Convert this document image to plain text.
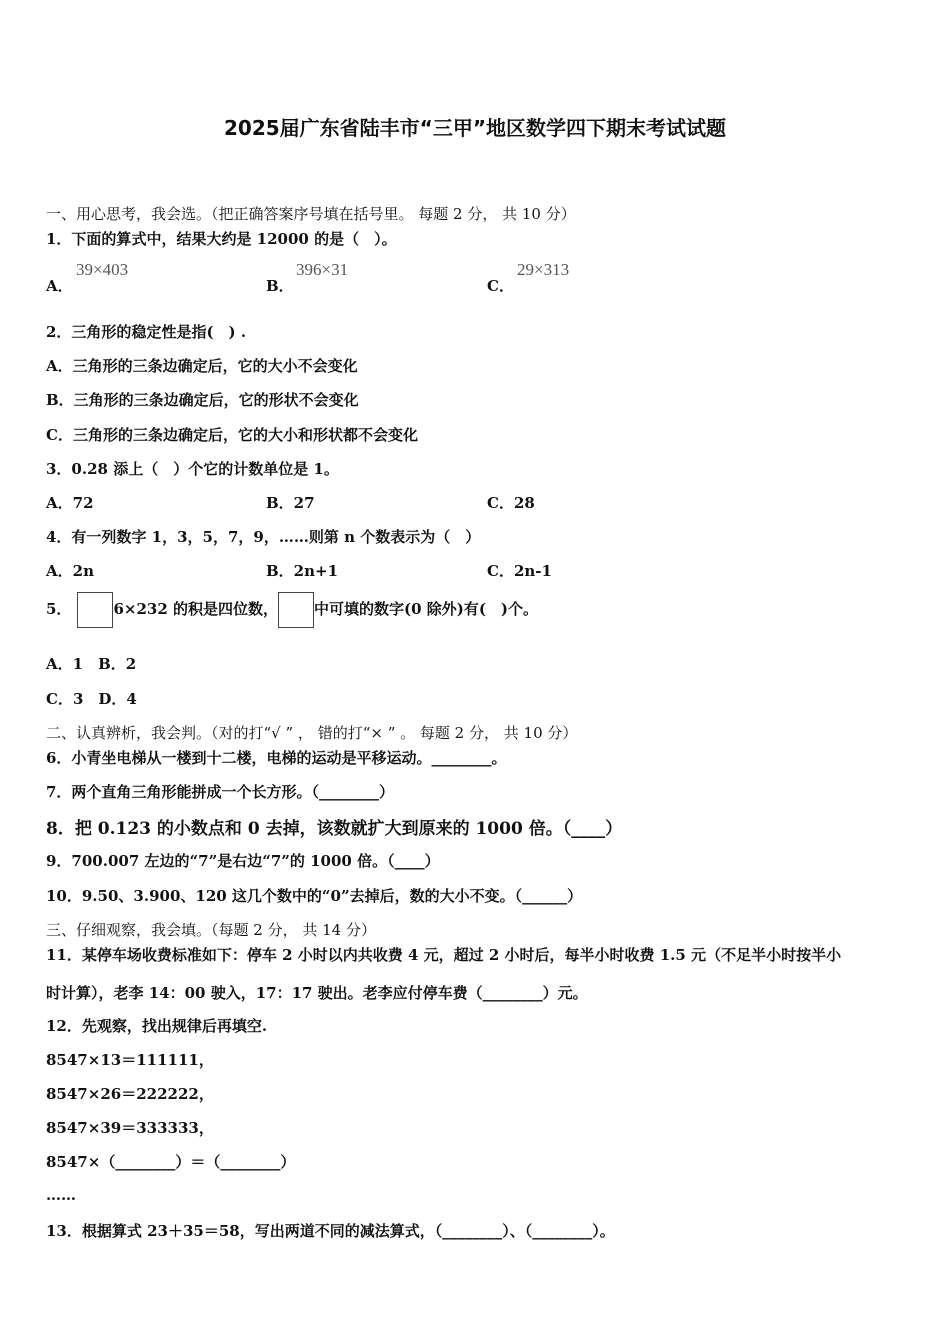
2025届广东省陆丰市“三甲”地区数学四下期末考试试题
一、用心思考，我会选。（把正确答案序号填在括号里。 每题 2 分， 共 10 分）
1．下面的算式中，结果大约是 12000 的是（　）。
A．
39×403
B．
396×31
C．
29×313
2．三角形的稳定性是指(　) .
A．三角形的三条边确定后，它的大小不会变化
B．三角形的三条边确定后，它的形状不会变化
C．三角形的三条边确定后，它的大小和形状都不会变化
3．0.28 添上（　）个它的计数单位是 1。
A．72	B．27	C．28
4．有一列数字 1，3，5，7，9，……则第 n 个数表示为（　）
A．2n	B．2n+1	C．2n-1
5．	6×232 的积是四位数， 中可填的数字(0 除外)有(　)个。
A．1　B．2
C．3　D．4
二、认真辨析，我会判。（对的打“√ ” ， 错的打“× ” 。 每题 2 分， 共 10 分）
6．小青坐电梯从一楼到十二楼，电梯的运动是平移运动。________。
7．两个直角三角形能拼成一个长方形。（________）
8．把 0.123 的小数点和 0 去掉，该数就扩大到原来的 1000 倍。（____）
9．700.007 左边的“7”是右边“7”的 1000 倍。（____）
10．9.50、3.900、120 这几个数中的“0”去掉后，数的大小不变。（______）
三、仔细观察，我会填。（每题 2 分， 共 14 分）
11．某停车场收费标准如下：停车 2 小时以内共收费 4 元，超过 2 小时后，每半小时收费 1.5 元（不足半小时按半小
时计算），老李 14：00 驶入，17：17 驶出。老李应付停车费（________）元。
12．先观察，找出规律后再填空.
8547×13＝111111，
8547×26＝222222，
8547×39＝333333，
8547×（________）＝（________）
……
13．根据算式 23＋35＝58，写出两道不同的减法算式，（________）、（________）。
